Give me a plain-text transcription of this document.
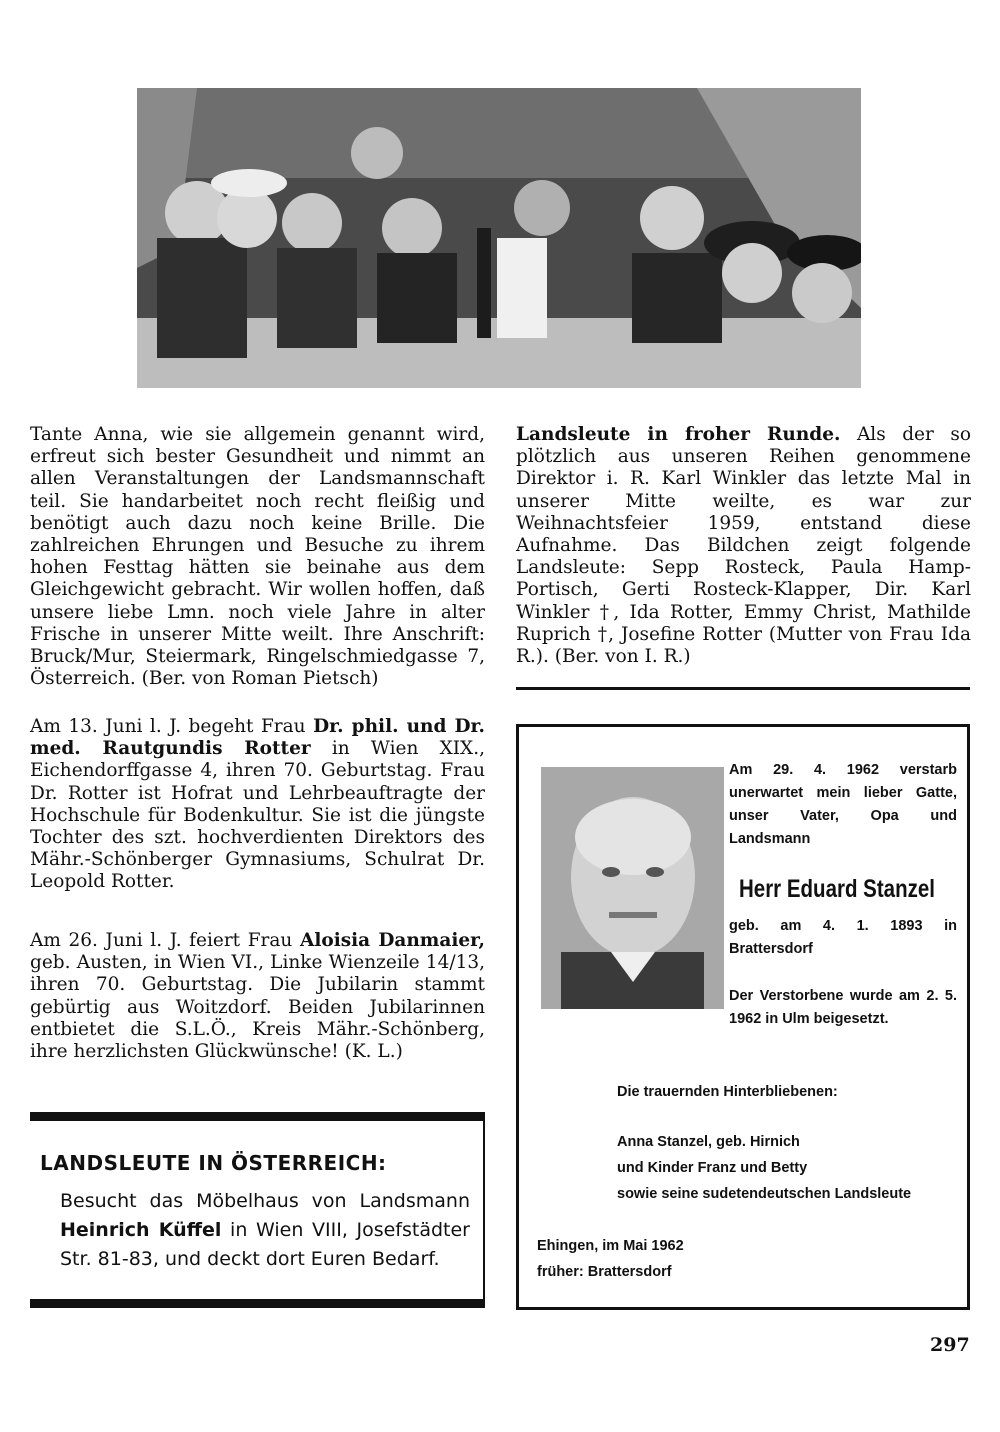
Tante Anna, wie sie allgemein genannt wird, erfreut sich bester Gesundheit und nimmt an allen Veranstaltungen der Landsmannschaft teil. Sie handarbeitet noch recht fleißig und benötigt auch dazu noch keine Brille. Die zahlreichen Ehrungen und Besuche zu ihrem hohen Festtag hätten sie beinahe aus dem Gleichgewicht gebracht. Wir wollen hoffen, daß unsere liebe Lmn. noch viele Jahre in alter Frische in unserer Mitte weilt. Ihre Anschrift: Bruck/Mur, Steiermark, Ringelschmiedgasse 7, Österreich. (Ber. von Roman Pietsch)

Landsleute in froher Runde. Als der so plötzlich aus unseren Reihen genommene Direktor i. R. Karl Winkler das letzte Mal in unserer Mitte weilte, es war zur Weihnachtsfeier 1959, entstand diese Aufnahme. Das Bildchen zeigt folgende Landsleute: Sepp Rosteck, Paula Hamp-Portisch, Gerti Rosteck-Klapper, Dir. Karl Winkler †, Ida Rotter, Emmy Christ, Mathilde Ruprich †, Josefine Rotter (Mutter von Frau Ida R.). (Ber. von I. R.)

Am 13. Juni l. J. begeht Frau Dr. phil. und Dr. med. Rautgundis Rotter in Wien XIX., Eichendorffgasse 4, ihren 70. Geburtstag. Frau Dr. Rotter ist Hofrat und Lehrbeauftragte der Hochschule für Bodenkultur. Sie ist die jüngste Tochter des szt. hochverdienten Direktors des Mähr.-Schönberger Gymnasiums, Schulrat Dr. Leopold Rotter.

Am 26. Juni l. J. feiert Frau Aloisia Danmaier, geb. Austen, in Wien VI., Linke Wienzeile 14/13, ihren 70. Geburtstag. Die Jubilarin stammt gebürtig aus Woitzdorf. Beiden Jubilarinnen entbietet die S.L.Ö., Kreis Mähr.-Schönberg, ihre herzlichsten Glückwünsche! (K. L.)

LANDSLEUTE IN ÖSTERREICH:
Besucht das Möbelhaus von Landsmann Heinrich Küffel in Wien VIII, Josefstädter Str. 81-83, und deckt dort Euren Bedarf.

Am 29. 4. 1962 verstarb unerwartet mein lieber Gatte, unser Vater, Opa und Landsmann

Herr Eduard Stanzel

geb. am 4. 1. 1893 in Brattersdorf

Der Verstorbene wurde am 2. 5. 1962 in Ulm beigesetzt.

Die trauernden Hinterbliebenen:

Anna Stanzel, geb. Hirnich

und Kinder Franz und Betty

sowie seine sudetendeutschen Landsleute

Ehingen, im Mai 1962

früher: Brattersdorf

297
